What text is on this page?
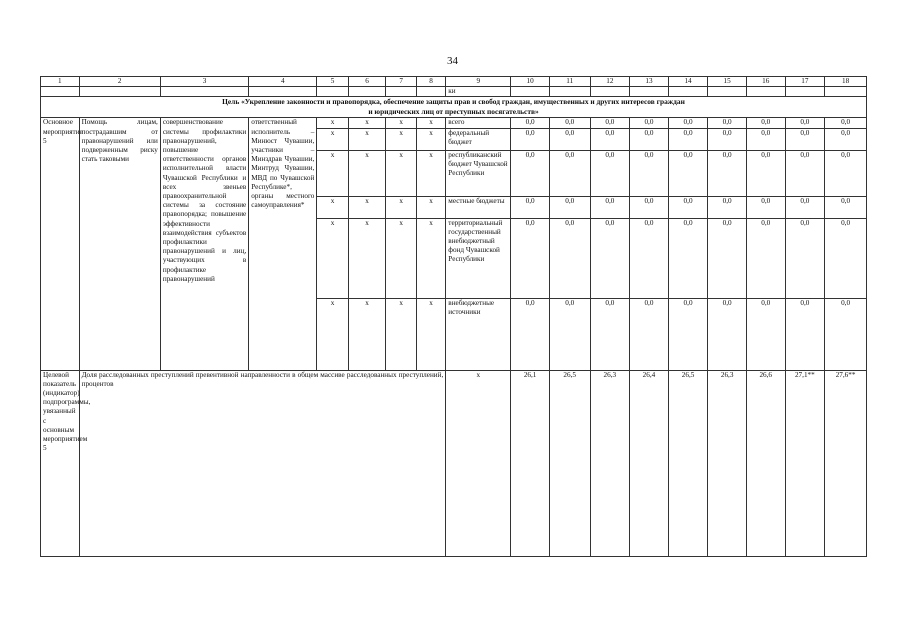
34
1	2	3	4	5	6	7	8	9	10	11	12	13	14	15	16	17	18
								ки									

Цель «Укрепление законности и правопорядка, обеспечение защиты прав и свобод граждан, имущественных и других интересов граждан
и юридических лиц от преступных посягательств»																	

Основное мероприятие 5	Помощь лицам, пострадавшим от правонарушений или подверженным риску стать таковыми	совершенствование системы профилактики правонарушений, повышение ответственности органов исполнительной власти Чувашской Республики и всех звеньев правоохранительной системы за состояние правопорядка; повышение эффективности взаимодействия субъектов профилактики правонарушений и лиц, участвующих в профилактике правонарушений	ответственный исполнитель – Минюст Чувашии, участники – Минздрав Чувашии, Минтруд Чувашии, МВД по Чувашской Республике*, органы местного самоуправления*	x	x	x	x	всего	0,0	0,0	0,0	0,0	0,0	0,0	0,0	0,0	0,0
				x	x	x	x	федеральный бюджет	0,0	0,0	0,0	0,0	0,0	0,0	0,0	0,0	0,0
				x	x	x	x	республиканский бюджет Чувашской Республики	0,0	0,0	0,0	0,0	0,0	0,0	0,0	0,0	0,0
				x	x	x	x	местные бюджеты	0,0	0,0	0,0	0,0	0,0	0,0	0,0	0,0	0,0
				x	x	x	x	территориальный государственный внебюджетный фонд Чувашской Республики	0,0	0,0	0,0	0,0	0,0	0,0	0,0	0,0	0,0
				x	x	x	x	внебюджетные источники	0,0	0,0	0,0	0,0	0,0	0,0	0,0	0,0	0,0
Целевой показатель (индикатор) подпрограммы, увязанный с основным мероприятием 5	Доля расследованных преступлений превентивной направленности в общем массиве расследованных преступлений, процентов							x	26,1	26,5	26,3	26,4	26,5	26,3	26,6	27,1**	27,6**
